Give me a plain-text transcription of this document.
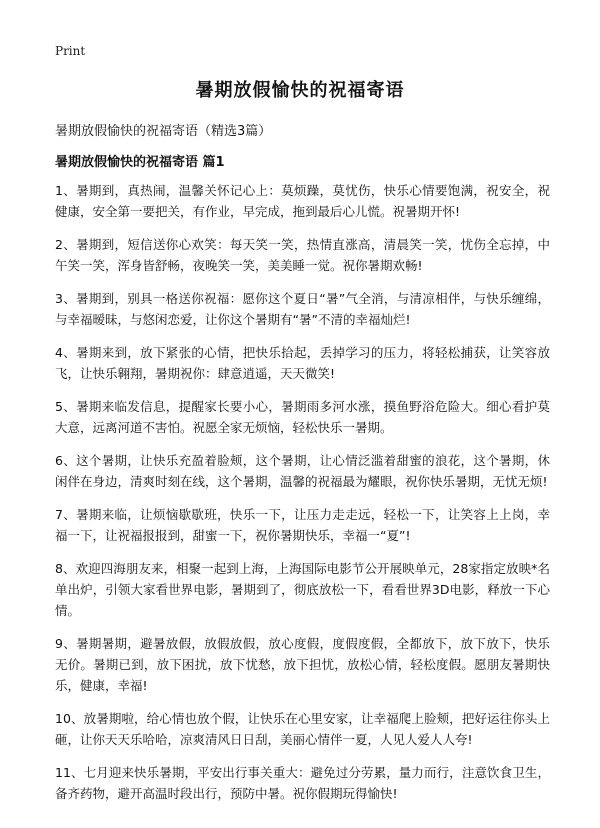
Print
暑期放假愉快的祝福寄语
暑期放假愉快的祝福寄语（精选3篇）
暑期放假愉快的祝福寄语 篇1

1、暑期到，真热闹，温馨关怀记心上：莫烦躁，莫忧伤，快乐心情要饱满，祝安全，祝健康，安全第一要把关，有作业，早完成，拖到最后心儿慌。祝暑期开怀!

2、暑期到，短信送你心欢笑：每天笑一笑，热情直涨高，清晨笑一笑，忧伤全忘掉，中午笑一笑，浑身皆舒畅，夜晚笑一笑，美美睡一觉。祝你暑期欢畅!

3、暑期到，别具一格送你祝福：愿你这个夏日“暑”气全消，与清凉相伴，与快乐缠绵，与幸福暧昧，与悠闲恋爱，让你这个暑期有“暑”不清的幸福灿烂!

4、暑期来到，放下紧张的心情，把快乐拾起，丢掉学习的压力，将轻松捕获，让笑容放飞，让快乐翱翔，暑期祝你：肆意逍遥，天天微笑!

5、暑期来临发信息，提醒家长要小心，暑期雨多河水涨，摸鱼野浴危险大。细心看护莫大意，远离河道不害怕。祝愿全家无烦恼，轻松快乐一暑期。

6、这个暑期，让快乐充盈着脸颊，这个暑期，让心情泛滥着甜蜜的浪花，这个暑期，休闲伴在身边，清爽时刻在线，这个暑期，温馨的祝福最为耀眼，祝你快乐暑期，无忧无烦!

7、暑期来临，让烦恼歇歇班，快乐一下，让压力走走远，轻松一下，让笑容上上岗，幸福一下，让祝福报报到，甜蜜一下，祝你暑期快乐，幸福一“夏”!

8、欢迎四海朋友来，相聚一起到上海，上海国际电影节公开展映单元，28家指定放映*名单出炉，引领大家看世界电影，暑期到了，彻底放松一下，看看世界3D电影，释放一下心情。

9、暑期暑期，避暑放假，放假放假，放心度假，度假度假，全都放下，放下放下，快乐无价。暑期已到，放下困扰，放下忧愁，放下担忧，放松心情，轻松度假。愿朋友暑期快乐，健康，幸福!

10、放暑期啦，给心情也放个假，让快乐在心里安家，让幸福爬上脸颊，把好运往你头上砸，让你天天乐哈哈，凉爽清风日日刮，美丽心情伴一夏，人见人爱人人夸!

11、七月迎来快乐暑期，平安出行事关重大：避免过分劳累，量力而行，注意饮食卫生，备齐药物，避开高温时段出行，预防中暑。祝你假期玩得愉快!
